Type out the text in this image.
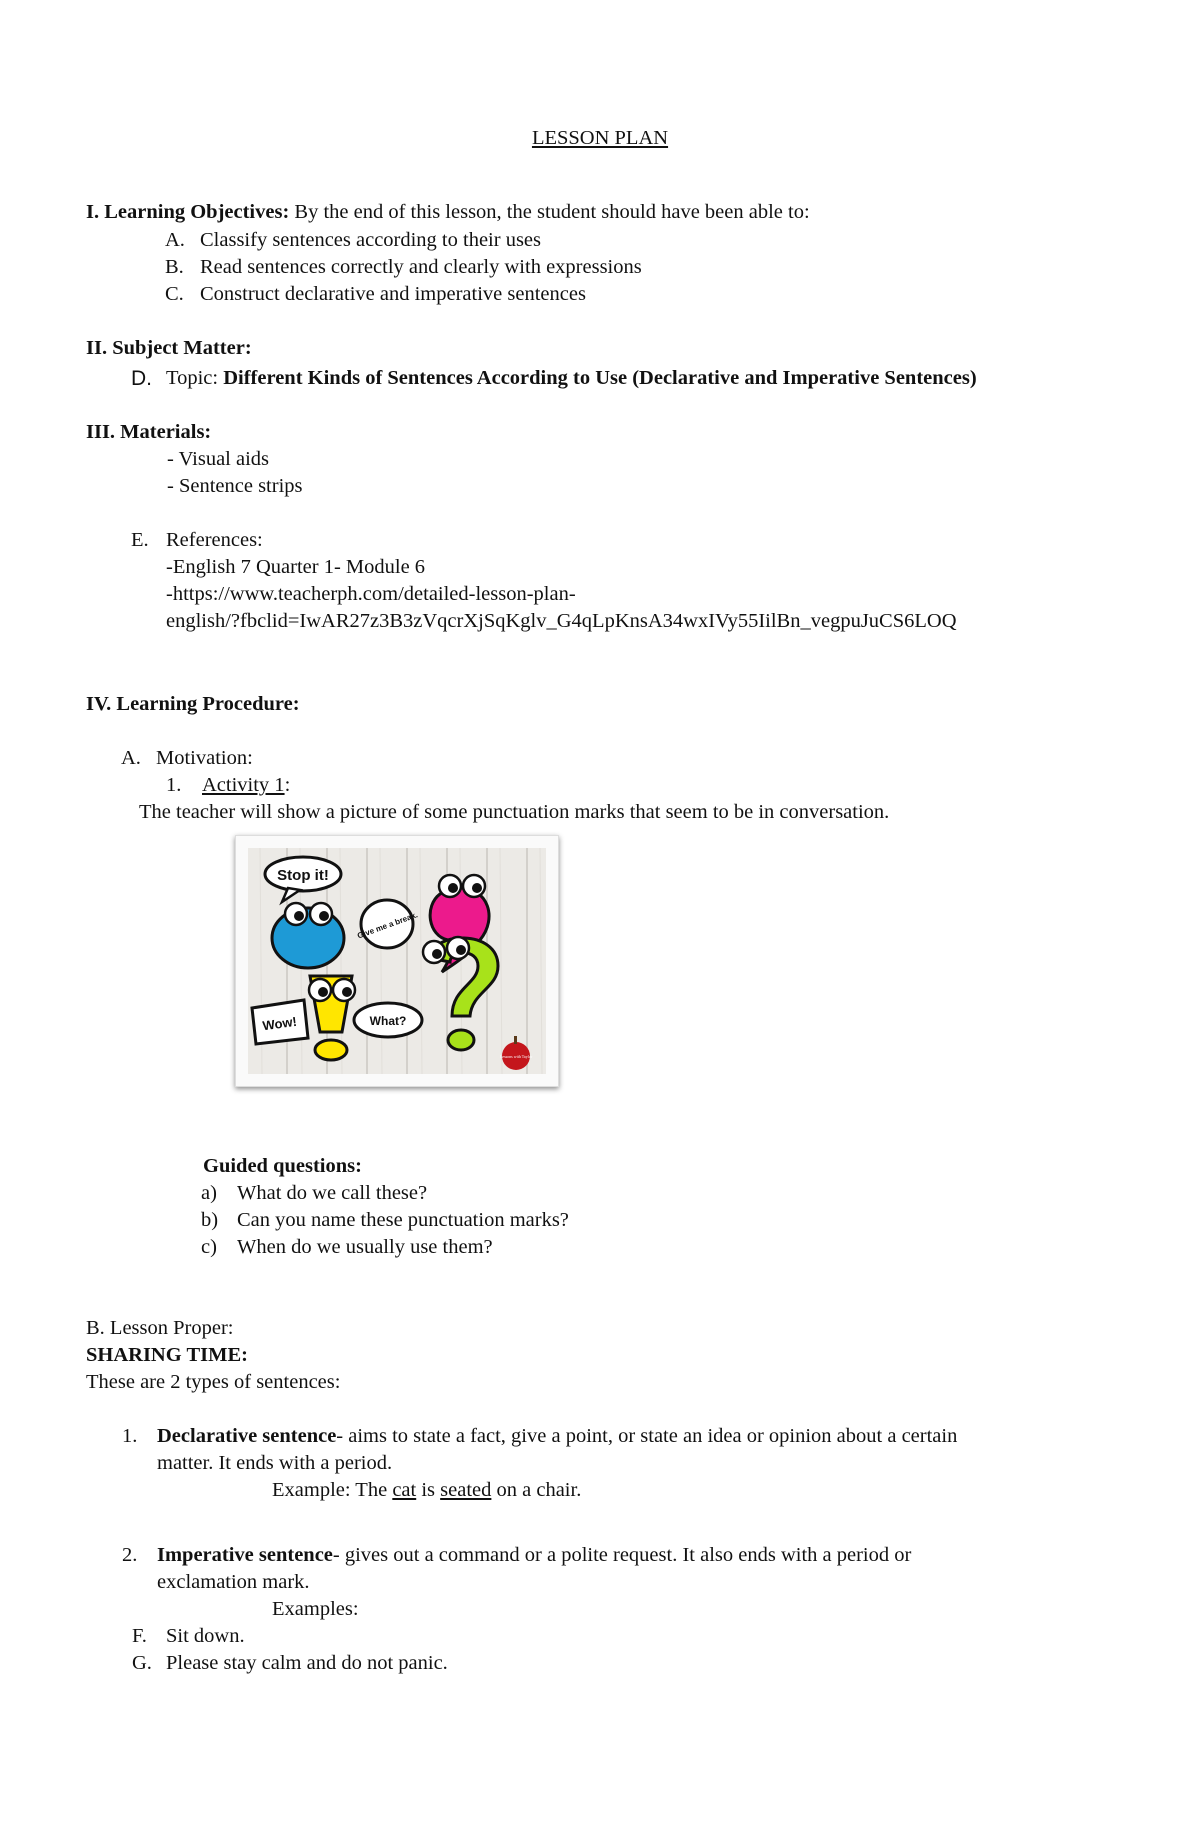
LESSON PLAN
I. Learning Objectives: By the end of this lesson, the student should have been able to:
A. Classify sentences according to their uses
B. Read sentences correctly and clearly with expressions
C. Construct declarative and imperative sentences
II. Subject Matter:
D. Topic: Different Kinds of Sentences According to Use (Declarative and Imperative Sentences)
III. Materials:
- Visual aids
- Sentence strips
E. References:
-English 7 Quarter 1- Module 6
-https://www.teacherph.com/detailed-lesson-plan-
english/?fbclid=IwAR27z3B3zVqcrXjSqKglv_G4qLpKnsA34wxIVy55IilBn_vegpuJuCS6LOQ
IV. Learning Procedure:
A. Motivation:
1. Activity 1:
The teacher will show a picture of some punctuation marks that seem to be in conversation.
Stop it!
Give me a break.
Wow!	What?
Lessons with Taylor
Guided questions:
a) What do we call these?
b) Can you name these punctuation marks?
c) When do we usually use them?
B. Lesson Proper:
SHARING TIME:
These are 2 types of sentences:
1. Declarative sentence- aims to state a fact, give a point, or state an idea or opinion about a certain
matter. It ends with a period.
Example: The cat is seated on a chair.
2. Imperative sentence- gives out a command or a polite request. It also ends with a period or
exclamation mark.
Examples:
F. Sit down.
G. Please stay calm and do not panic.
